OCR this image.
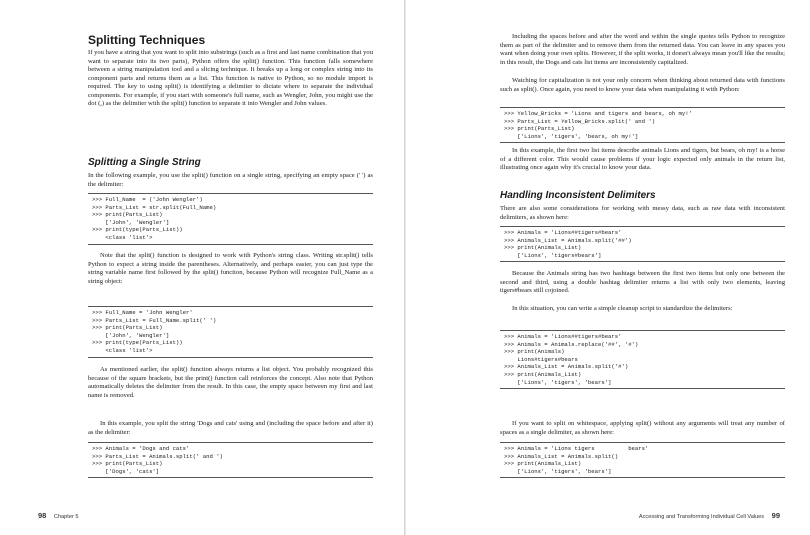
Splitting Techniques

If you have a string that you want to split into substrings (such as a first and last name combination that you want to separate into its two parts), Python offers the split() function. This function falls somewhere between a string manipulation tool and a slicing technique. It breaks up a long or complex string into its component parts and returns them as a list. This function is native to Python, so no module import is required. The key to using split() is identifying a delimiter to dictate where to separate the individual components. For example, if you start with someone's full name, such as Wengler, John, you might use the dot (,) as the delimiter with the split() function to separate it into Wengler and John values.

Splitting a Single String

In the following example, you use the split() function on a single string, specifying an empty space (' ') as the delimiter:

>>> Full_Name  = ('John Wengler')
>>> Parts_List = str.split(Full_Name)
>>> print(Parts_List)
['John', 'Wengler']
>>> print(type(Parts_List))
<class 'list'>

Note that the split() function is designed to work with Python's string class. Writing str.split() tells Python to expect a string inside the parentheses. Alternatively, and perhaps easier, you can just type the string variable name first followed by the split() function, because Python will recognize Full_Name as a string object:

>>> Full_Name = 'John Wengler'
>>> Parts_List = Full_Name.split(' ')
>>> print(Parts_List)
['John', 'Wengler']
>>> print(type(Parts_List))
<class 'list'>

As mentioned earlier, the split() function always returns a list object. You probably recognized this because of the square brackets, but the print() function call reinforces the concept. Also note that Python automatically deletes the delimiter from the result. In this case, the empty space between my first and last name is removed.

In this example, you split the string 'Dogs and cats' using and (including the space before and after it) as the delimiter:

>>> Animals = 'Dogs and cats'
>>> Parts_List = Animals.split(' and ')
>>> print(Parts_List)
['Dogs', 'cats']
98 Chapter 5

Including the spaces before and after the word and within the single quotes tells Python to recognize them as part of the delimiter and to remove them from the returned data. You can leave in any spaces you want when doing your own splits. However, if the split works, it doesn't always mean you'll like the results; in this result, the Dogs and cats list items are inconsistently capitalized.

Watching for capitalization is not your only concern when thinking about returned data with functions such as split(). Once again, you need to know your data when manipulating it with Python:

>>> Yellow_Bricks = 'Lions and tigers and bears, oh my!'
>>> Parts_List = Yellow_Bricks.split(' and ')
>>> print(Parts_List)
['Lions', 'tigers', 'bears, oh my!']

In this example, the first two list items describe animals Lions and tigers, but bears, oh my! is a horse of a different color. This would cause problems if your logic expected only animals in the return list, illustrating once again why it's crucial to know your data.

Handling Inconsistent Delimiters

There are also some considerations for working with messy data, such as raw data with inconsistent delimiters, as shown here:

>>> Animals = 'Lions##tigers#bears'
>>> Animals_List = Animals.split('##')
>>> print(Animals_List)
['Lions', 'tigers#bears']

Because the Animals string has two hashtags between the first two items but only one between the second and third, using a double hashtag delimiter returns a list with only two elements, leaving tigers#bears still cojoined.

In this situation, you can write a simple cleanup script to standardize the delimiters:

>>> Animals = 'Lions##tigers#bears'
>>> Animals = Animals.replace('##', '#')
>>> print(Animals)
Lions#tigers#bears
>>> Animals_List = Animals.split('#')
>>> print(Animals_List)
['Lions', 'tigers', 'bears']

If you want to split on whitespace, applying split() without any arguments will treat any number of spaces as a single delimiter, as shown here:

>>> Animals = 'Lions tigers          bears'
>>> Animals_List = Animals.split()
>>> print(Animals_List)
['Lions', 'tigers', 'bears']
Accessing and Transforming Individual Cell Values 99
